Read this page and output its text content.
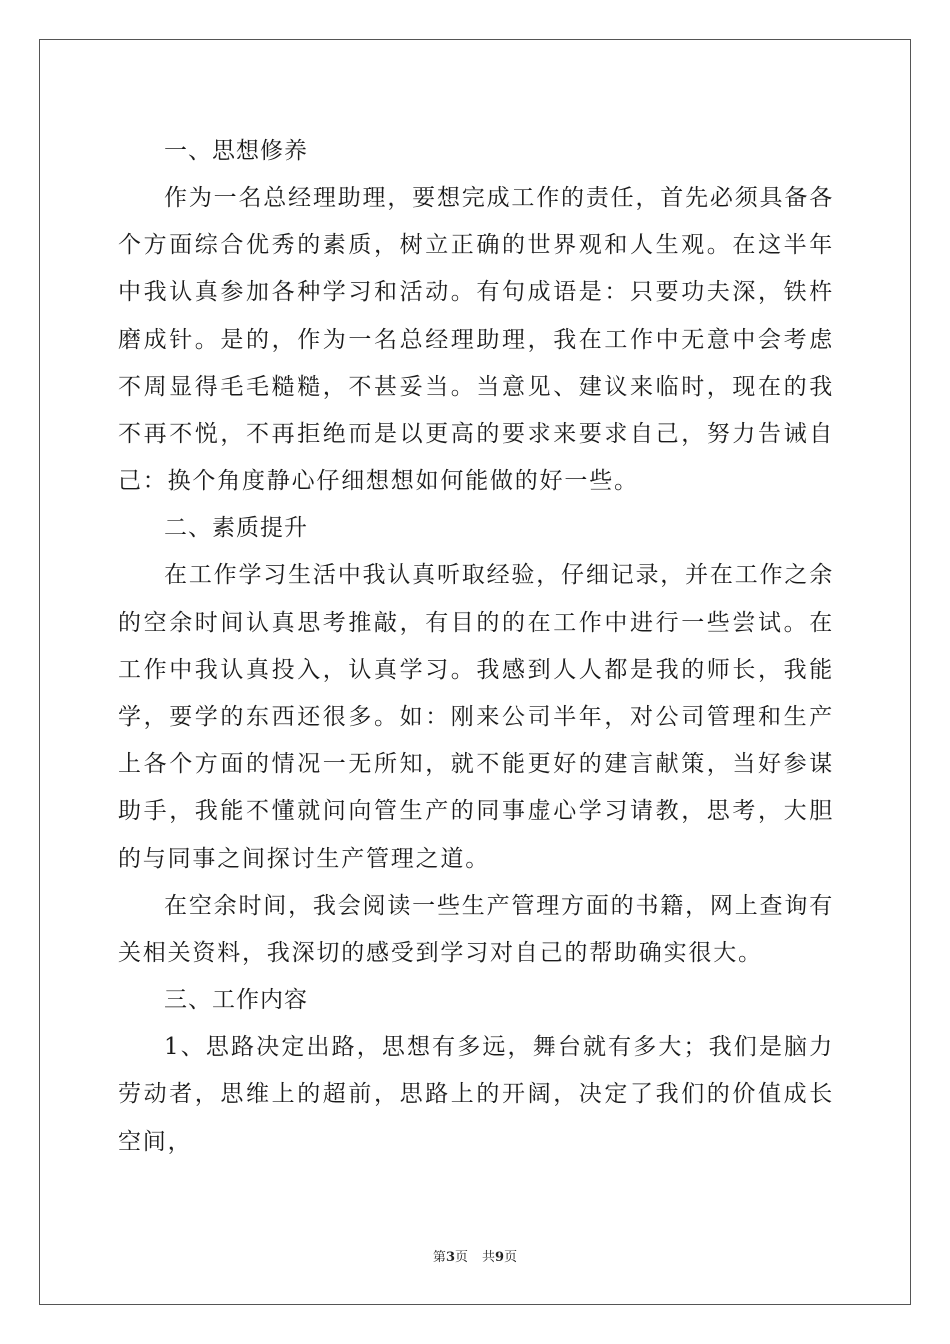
一、思想修养

作为一名总经理助理，要想完成工作的责任，首先必须具备各个方面综合优秀的素质，树立正确的世界观和人生观。在这半年中我认真参加各种学习和活动。有句成语是：只要功夫深，铁杵磨成针。是的，作为一名总经理助理，我在工作中无意中会考虑不周显得毛毛糙糙，不甚妥当。当意见、建议来临时，现在的我不再不悦，不再拒绝而是以更高的要求来要求自己，努力告诫自己：换个角度静心仔细想想如何能做的好一些。

二、素质提升

在工作学习生活中我认真听取经验，仔细记录，并在工作之余的空余时间认真思考推敲，有目的的在工作中进行一些尝试。在工作中我认真投入，认真学习。我感到人人都是我的师长，我能学，要学的东西还很多。如：刚来公司半年，对公司管理和生产上各个方面的情况一无所知，就不能更好的建言献策，当好参谋助手，我能不懂就问向管生产的同事虚心学习请教，思考，大胆的与同事之间探讨生产管理之道。

在空余时间，我会阅读一些生产管理方面的书籍，网上查询有关相关资料，我深切的感受到学习对自己的帮助确实很大。

三、工作内容

1、思路决定出路，思想有多远，舞台就有多大；我们是脑力劳动者，思维上的超前，思路上的开阔，决定了我们的价值成长空间，

第3页 共9页
